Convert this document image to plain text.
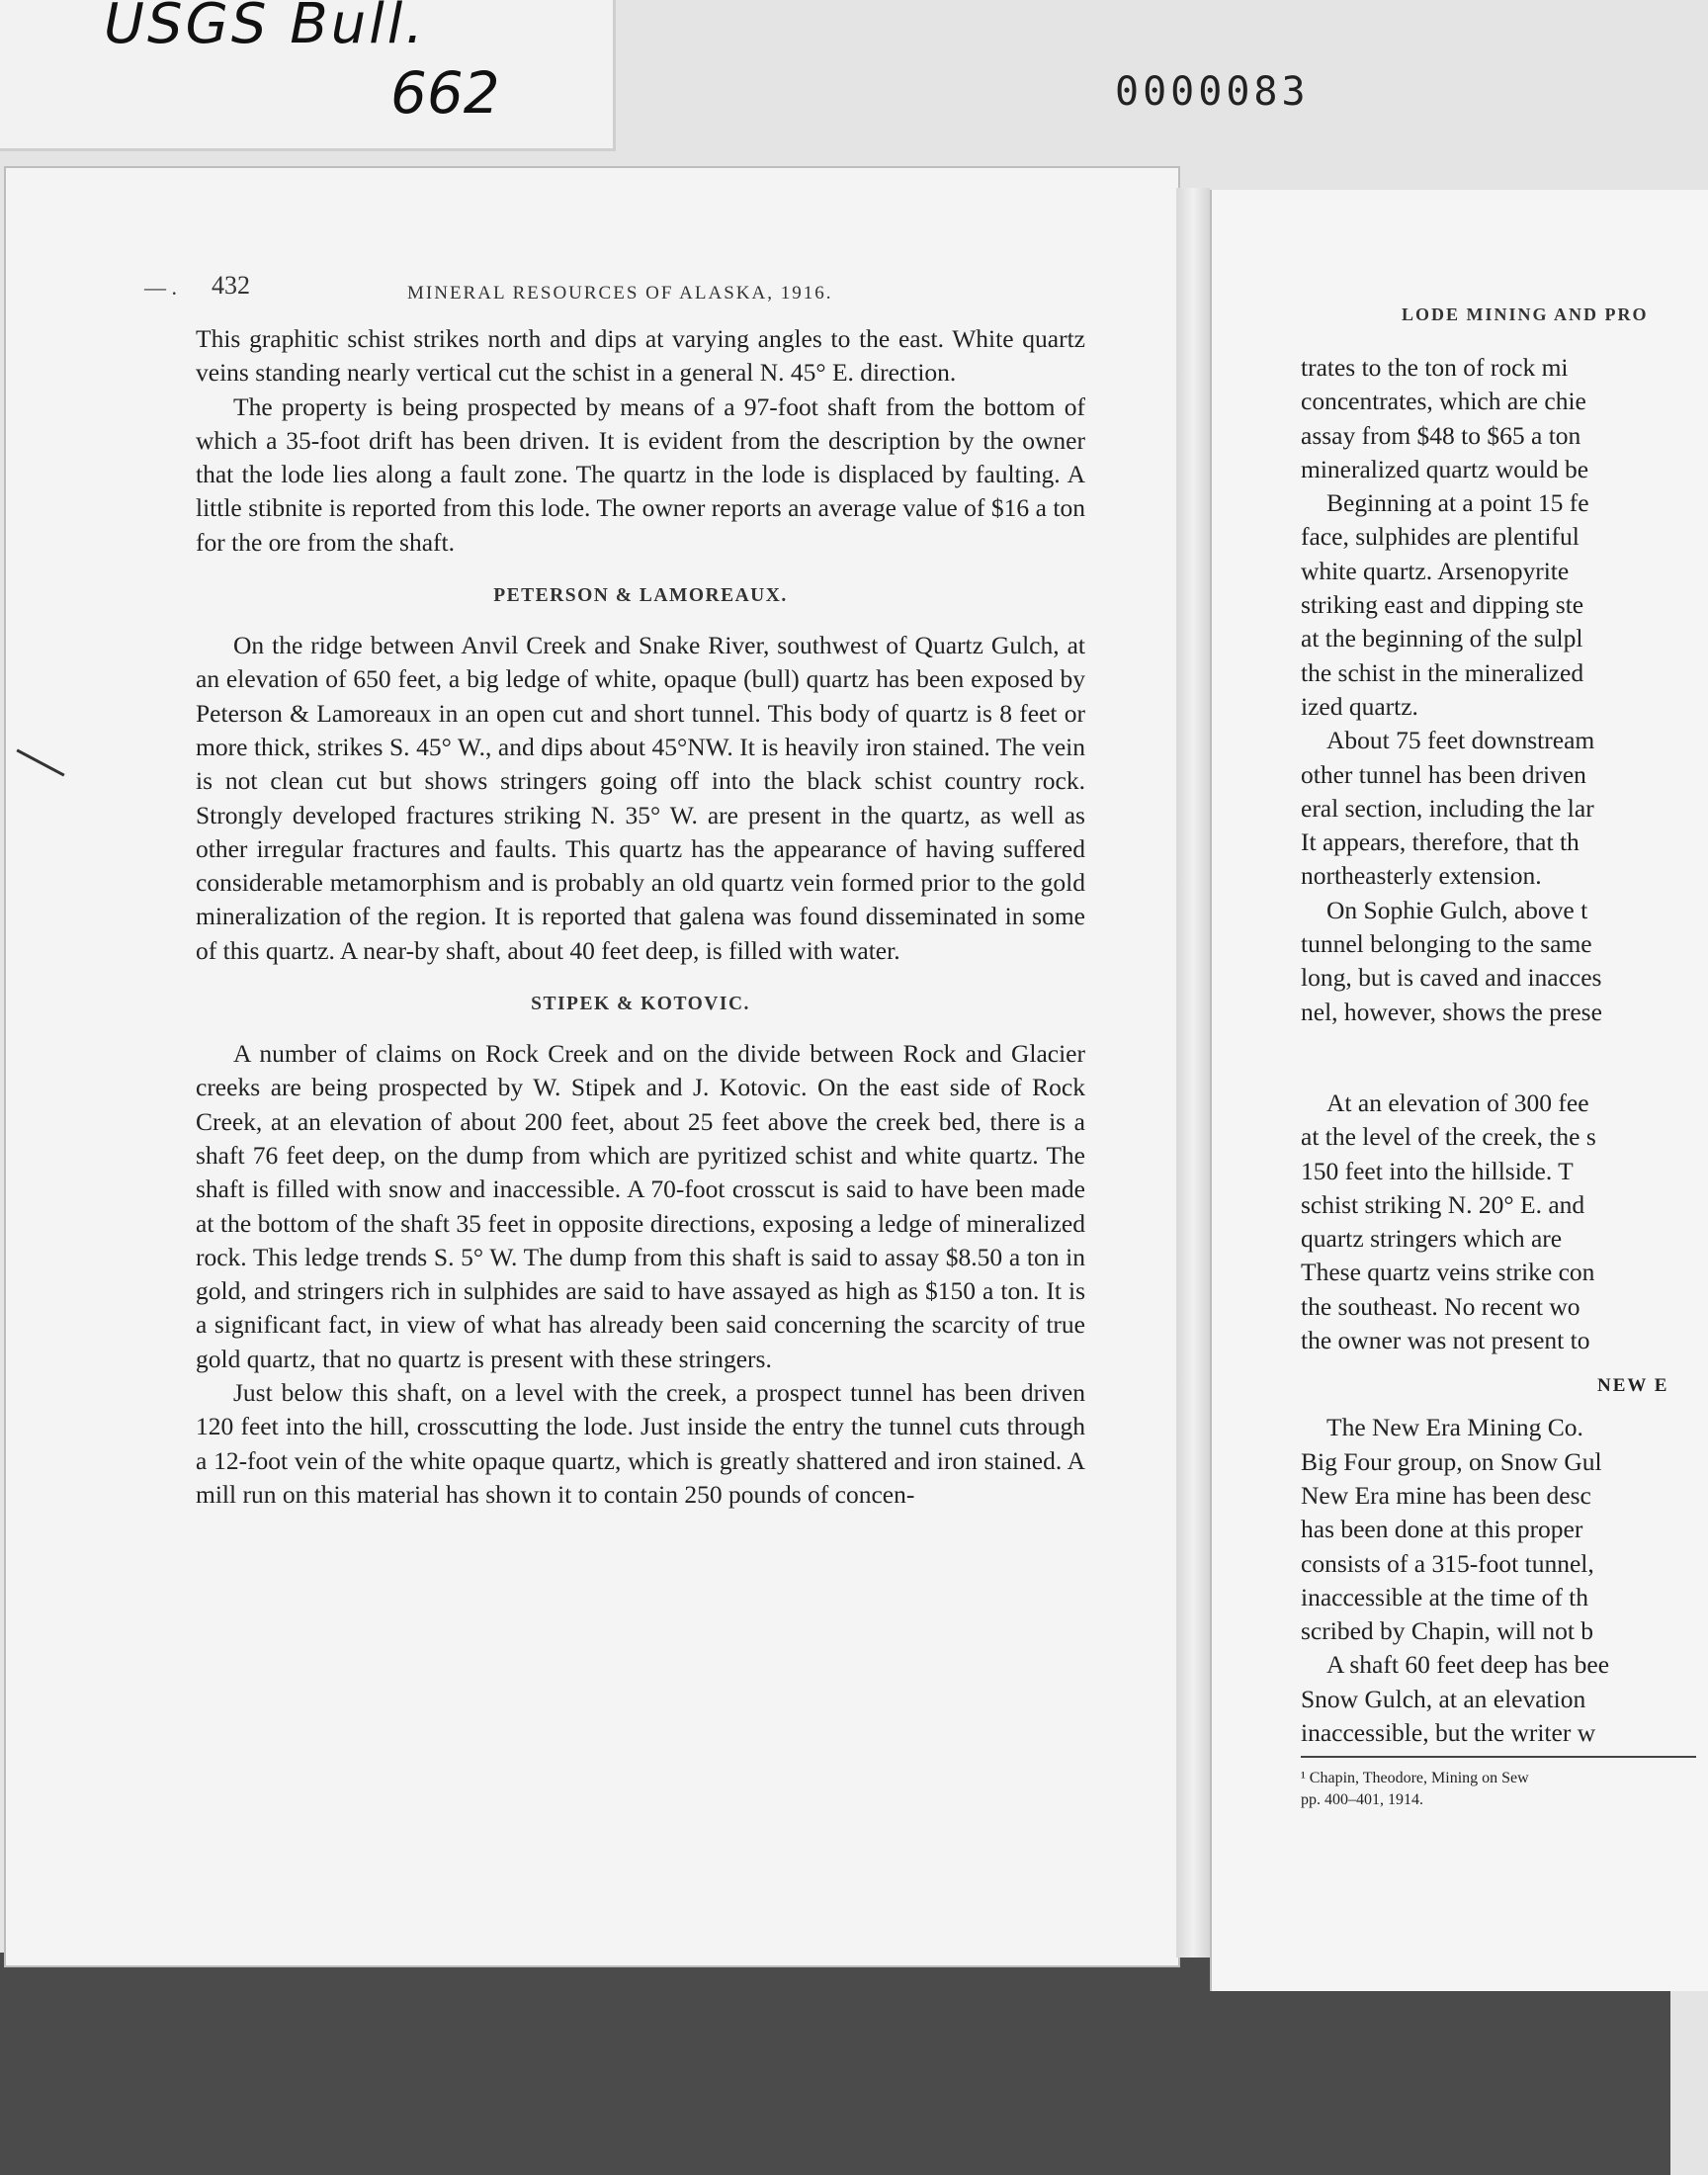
USGS Bull.
662	0000083
— . 432	MINERAL RESOURCES OF ALASKA, 1916.

This graphitic schist strikes north and dips at varying angles to the east. White quartz veins standing nearly vertical cut the schist in a general N. 45° E. direction.

The property is being prospected by means of a 97-foot shaft from the bottom of which a 35-foot drift has been driven. It is evident from the description by the owner that the lode lies along a fault zone. The quartz in the lode is displaced by faulting. A little stibnite is reported from this lode. The owner reports an average value of $16 a ton for the ore from the shaft.

PETERSON & LAMOREAUX.

On the ridge between Anvil Creek and Snake River, southwest of Quartz Gulch, at an elevation of 650 feet, a big ledge of white, opaque (bull) quartz has been exposed by Peterson & Lamoreaux in an open cut and short tunnel. This body of quartz is 8 feet or more thick, strikes S. 45° W., and dips about 45°NW. It is heavily iron stained. The vein is not clean cut but shows stringers going off into the black schist country rock. Strongly developed fractures striking N. 35° W. are present in the quartz, as well as other irregular fractures and faults. This quartz has the appearance of having suffered considerable metamorphism and is probably an old quartz vein formed prior to the gold mineralization of the region. It is reported that galena was found disseminated in some of this quartz. A near-by shaft, about 40 feet deep, is filled with water.

STIPEK & KOTOVIC.

A number of claims on Rock Creek and on the divide between Rock and Glacier creeks are being prospected by W. Stipek and J. Kotovic. On the east side of Rock Creek, at an elevation of about 200 feet, about 25 feet above the creek bed, there is a shaft 76 feet deep, on the dump from which are pyritized schist and white quartz. The shaft is filled with snow and inaccessible. A 70-foot crosscut is said to have been made at the bottom of the shaft 35 feet in opposite directions, exposing a ledge of mineralized rock. This ledge trends S. 5° W. The dump from this shaft is said to assay $8.50 a ton in gold, and stringers rich in sulphides are said to have assayed as high as $150 a ton. It is a significant fact, in view of what has already been said concerning the scarcity of true gold quartz, that no quartz is present with these stringers.

Just below this shaft, on a level with the creek, a prospect tunnel has been driven 120 feet into the hill, crosscutting the lode. Just inside the entry the tunnel cuts through a 12-foot vein of the white opaque quartz, which is greatly shattered and iron stained. A mill run on this material has shown it to contain 250 pounds of concen-

LODE MINING AND PRO
trates to the ton of rock mi
concentrates, which are chie
assay from $48 to $65 a ton
mineralized quartz would be
Beginning at a point 15 fe
face, sulphides are plentiful
white quartz. Arsenopyrite
striking east and dipping ste
at the beginning of the sulpl
the schist in the mineralized
ized quartz.
About 75 feet downstream
other tunnel has been driven
eral section, including the lar
It appears, therefore, that th
northeasterly extension.
On Sophie Gulch, above t
tunnel belonging to the same
long, but is caved and inacces
nel, however, shows the prese
At an elevation of 300 fee
at the level of the creek, the s
150 feet into the hillside. T
schist striking N. 20° E. and
quartz stringers which are
These quartz veins strike con
the southeast. No recent wo
the owner was not present to
NEW E
The New Era Mining Co.
Big Four group, on Snow Gul
New Era mine has been desc
has been done at this proper
consists of a 315-foot tunnel,
inaccessible at the time of th
scribed by Chapin, will not b
A shaft 60 feet deep has bee
Snow Gulch, at an elevation
inaccessible, but the writer w
¹ Chapin, Theodore, Mining on Sew
pp. 400–401, 1914.
